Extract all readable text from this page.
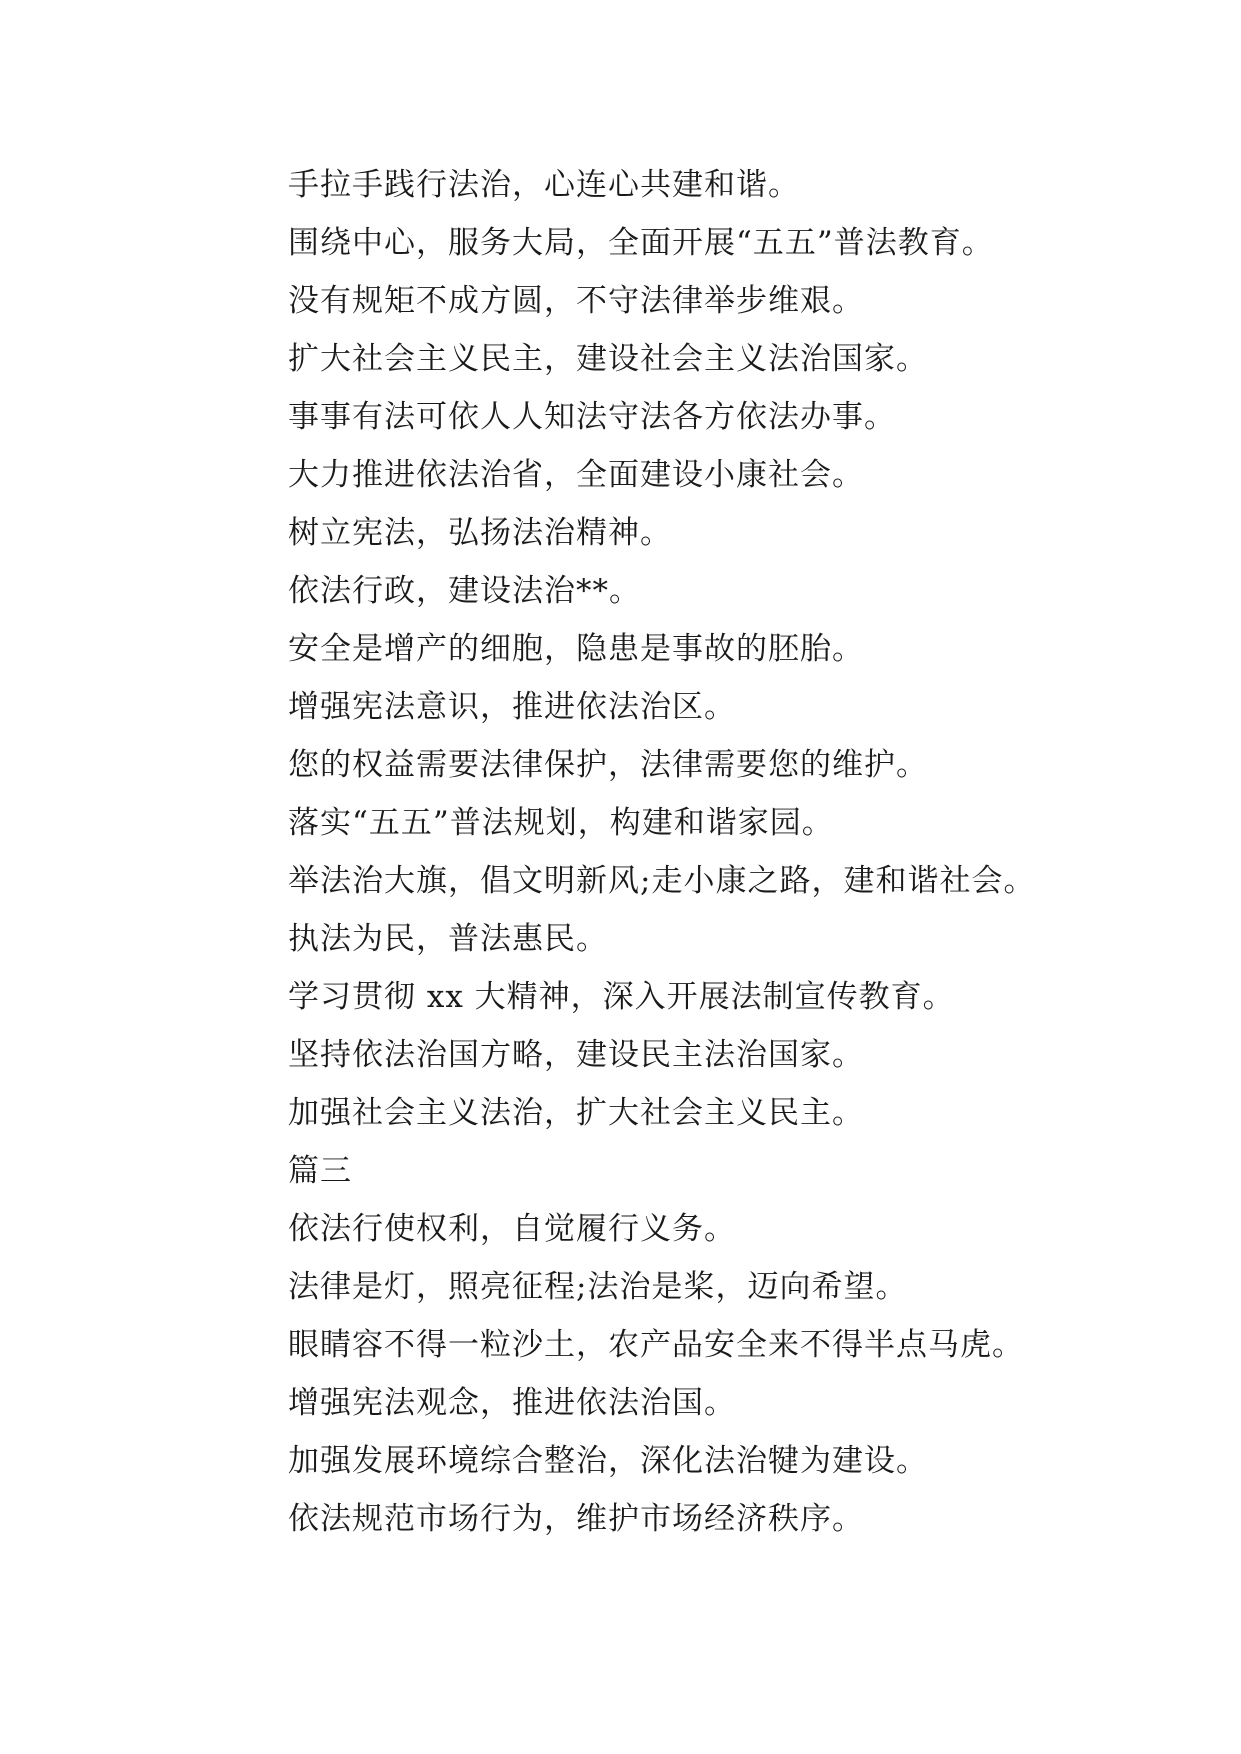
手拉手践行法治，心连心共建和谐。
围绕中心，服务大局，全面开展“五五”普法教育。
没有规矩不成方圆，不守法律举步维艰。
扩大社会主义民主，建设社会主义法治国家。
事事有法可依人人知法守法各方依法办事。
大力推进依法治省，全面建设小康社会。
树立宪法，弘扬法治精神。
依法行政，建设法治**。
安全是增产的细胞，隐患是事故的胚胎。
增强宪法意识，推进依法治区。
您的权益需要法律保护，法律需要您的维护。
落实“五五”普法规划，构建和谐家园。
举法治大旗，倡文明新风;走小康之路，建和谐社会。
执法为民，普法惠民。
学习贯彻 xx 大精神，深入开展法制宣传教育。
坚持依法治国方略，建设民主法治国家。
加强社会主义法治，扩大社会主义民主。
篇三
依法行使权利，自觉履行义务。
法律是灯，照亮征程;法治是桨，迈向希望。
眼睛容不得一粒沙土，农产品安全来不得半点马虎。
增强宪法观念，推进依法治国。
加强发展环境综合整治，深化法治犍为建设。
依法规范市场行为，维护市场经济秩序。
